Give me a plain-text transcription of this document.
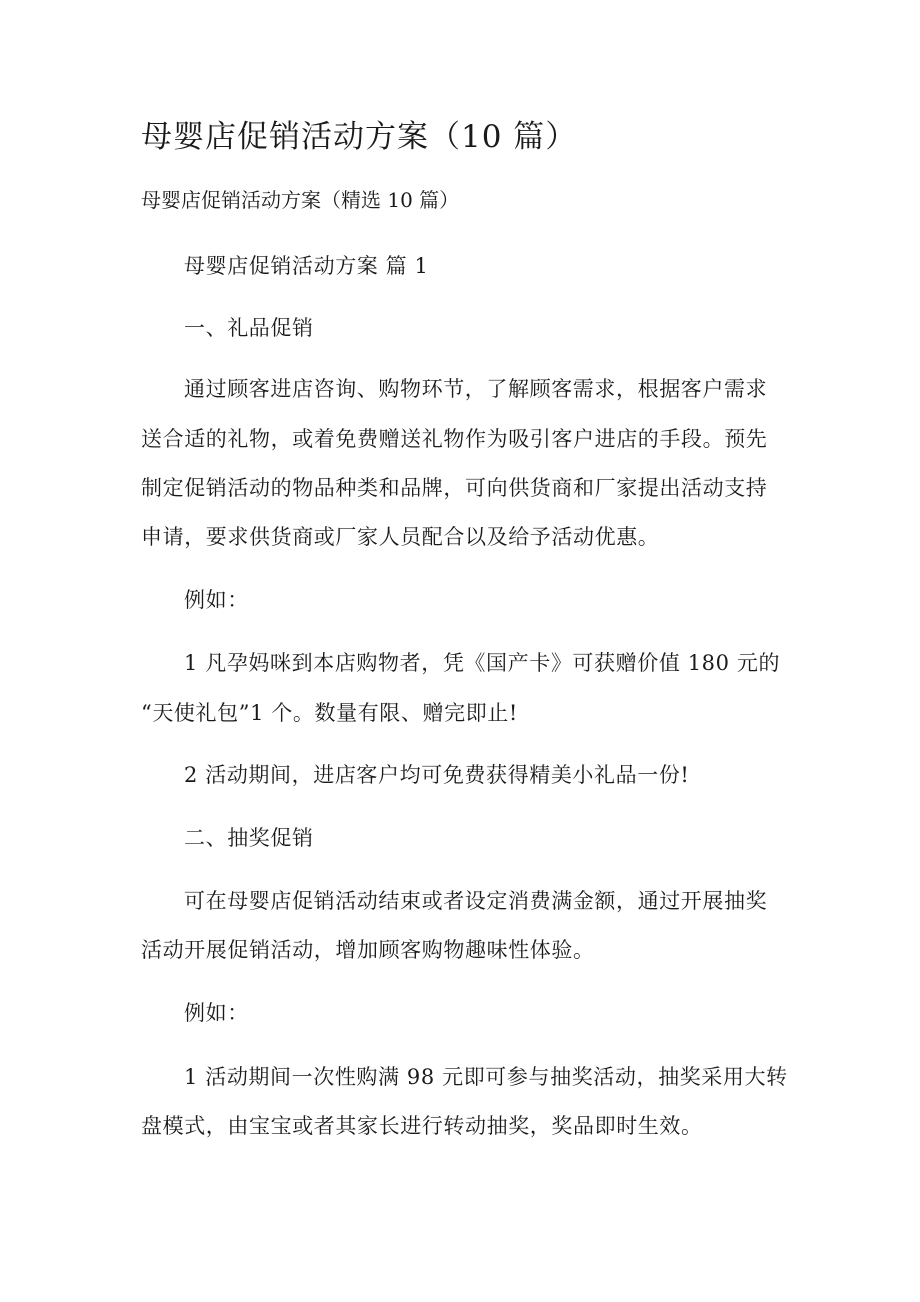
母婴店促销活动方案（10 篇）
母婴店促销活动方案（精选 10 篇）
母婴店促销活动方案 篇 1
一、礼品促销
通过顾客进店咨询、购物环节，了解顾客需求，根据客户需求
送合适的礼物，或着免费赠送礼物作为吸引客户进店的手段。预先
制定促销活动的物品种类和品牌，可向供货商和厂家提出活动支持
申请，要求供货商或厂家人员配合以及给予活动优惠。
例如：
1 凡孕妈咪到本店购物者，凭《国产卡》可获赠价值 180 元的
“天使礼包”1 个。数量有限、赠完即止!
2 活动期间，进店客户均可免费获得精美小礼品一份!
二、抽奖促销
可在母婴店促销活动结束或者设定消费满金额，通过开展抽奖
活动开展促销活动，增加顾客购物趣味性体验。
例如：
1 活动期间一次性购满 98 元即可参与抽奖活动，抽奖采用大转
盘模式，由宝宝或者其家长进行转动抽奖，奖品即时生效。
